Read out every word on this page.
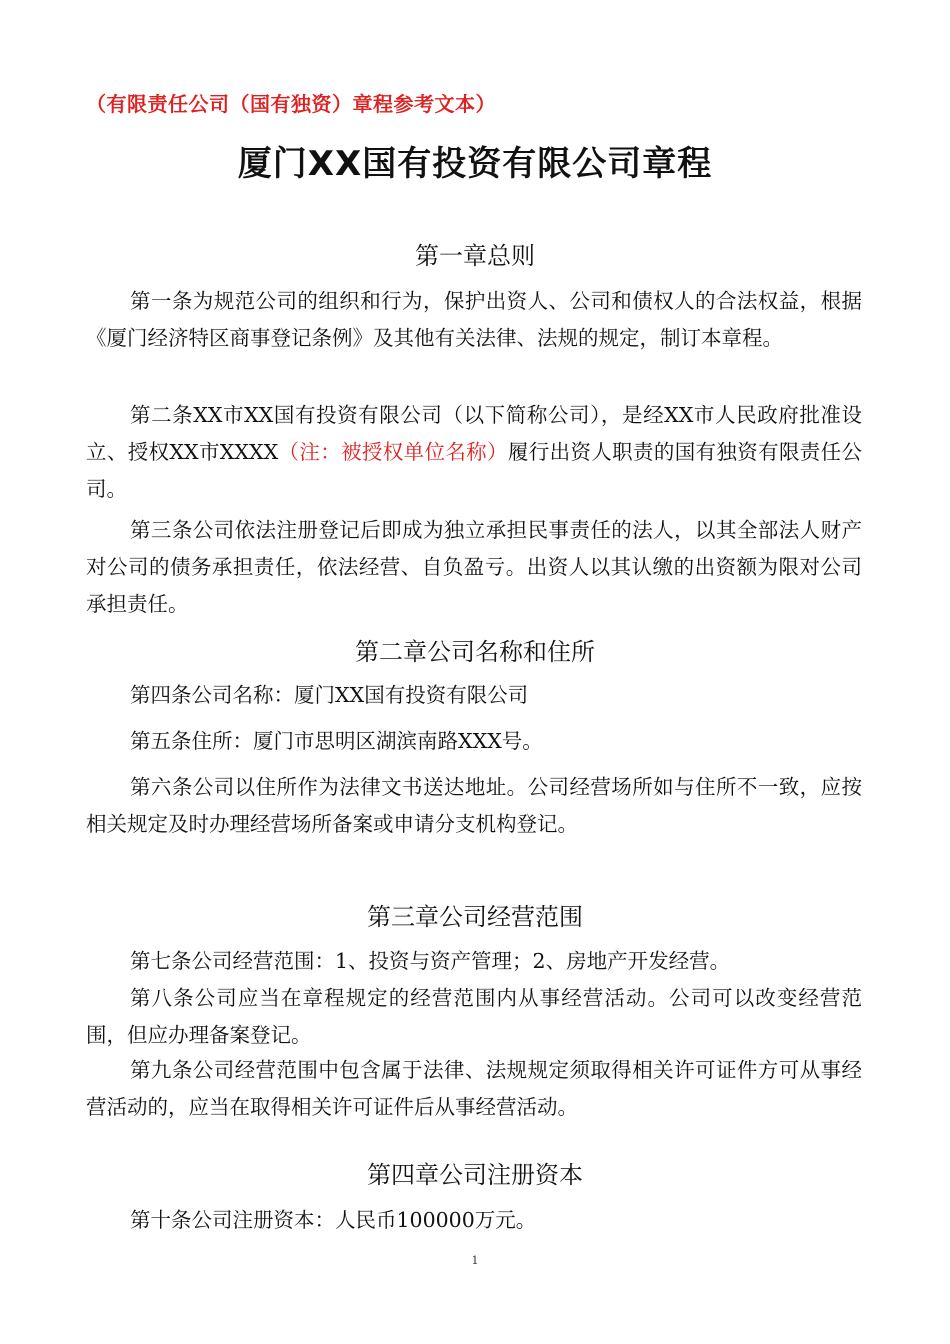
（有限责任公司（国有独资）章程参考文本）

厦门XX国有投资有限公司章程
第一章总则

第一条为规范公司的组织和行为，保护出资人、公司和债权人的合法权益，根据《厦门经济特区商事登记条例》及其他有关法律、法规的规定，制订本章程。

第二条XX市XX国有投资有限公司（以下简称公司），是经XX市人民政府批准设立、授权XX市XXXX（注：被授权单位名称）履行出资人职责的国有独资有限责任公司。

第三条公司依法注册登记后即成为独立承担民事责任的法人，以其全部法人财产对公司的债务承担责任，依法经营、自负盈亏。出资人以其认缴的出资额为限对公司承担责任。

第二章公司名称和住所

第四条公司名称：厦门XX国有投资有限公司

第五条住所：厦门市思明区湖滨南路XXX号。

第六条公司以住所作为法律文书送达地址。公司经营场所如与住所不一致，应按相关规定及时办理经营场所备案或申请分支机构登记。

第三章公司经营范围

第七条公司经营范围：1、投资与资产管理；2、房地产开发经营。

第八条公司应当在章程规定的经营范围内从事经营活动。公司可以改变经营范围，但应办理备案登记。

第九条公司经营范围中包含属于法律、法规规定须取得相关许可证件方可从事经营活动的，应当在取得相关许可证件后从事经营活动。

第四章公司注册资本

第十条公司注册资本：人民币100000万元。

1
